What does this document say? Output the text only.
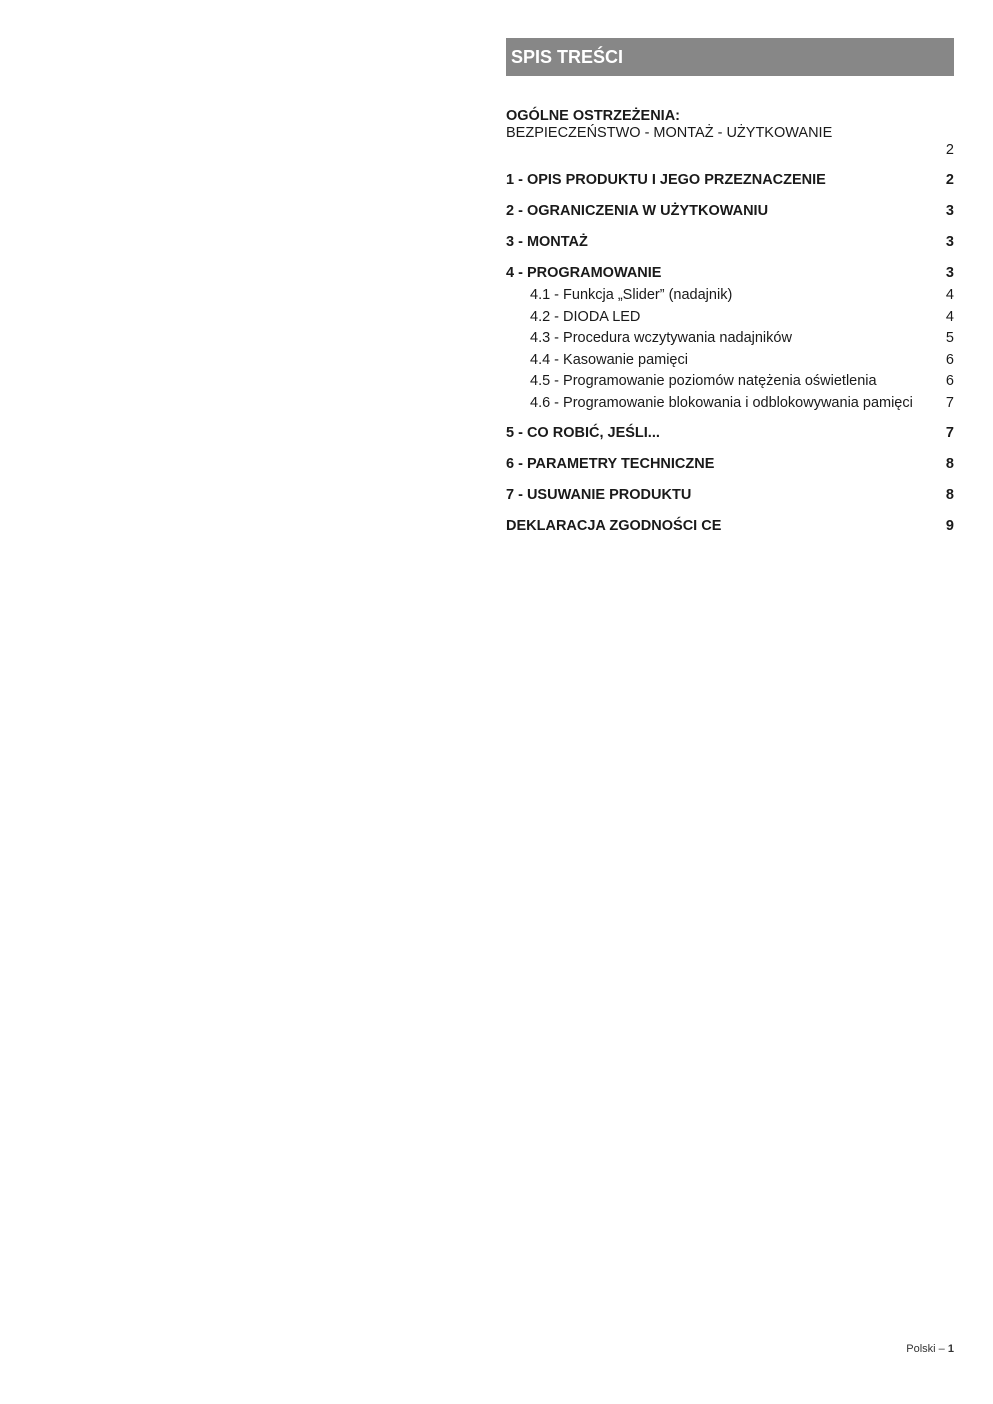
SPIS TREŚCI
OGÓLNE OSTRZEŻENIA:
BEZPIECZEŃSTWO - MONTAŻ - UŻYTKOWANIE
2
1 - OPIS PRODUKTU I JEGO PRZEZNACZENIE	2
2 - OGRANICZENIA W UŻYTKOWANIU	3
3 - MONTAŻ	3
4 - PROGRAMOWANIE	3
4.1 - Funkcja „Slider” (nadajnik)	4
4.2 - DIODA LED	4
4.3 - Procedura wczytywania nadajników	5
4.4 - Kasowanie pamięci	6
4.5 - Programowanie poziomów natężenia oświetlenia	6
4.6 - Programowanie blokowania i odblokowywania pamięci 7
5 - CO ROBIĆ, JEŚLI...	7
6 - PARAMETRY TECHNICZNE	8
7 - USUWANIE PRODUKTU	8
DEKLARACJA ZGODNOŚCI CE	9
Polski – 1
